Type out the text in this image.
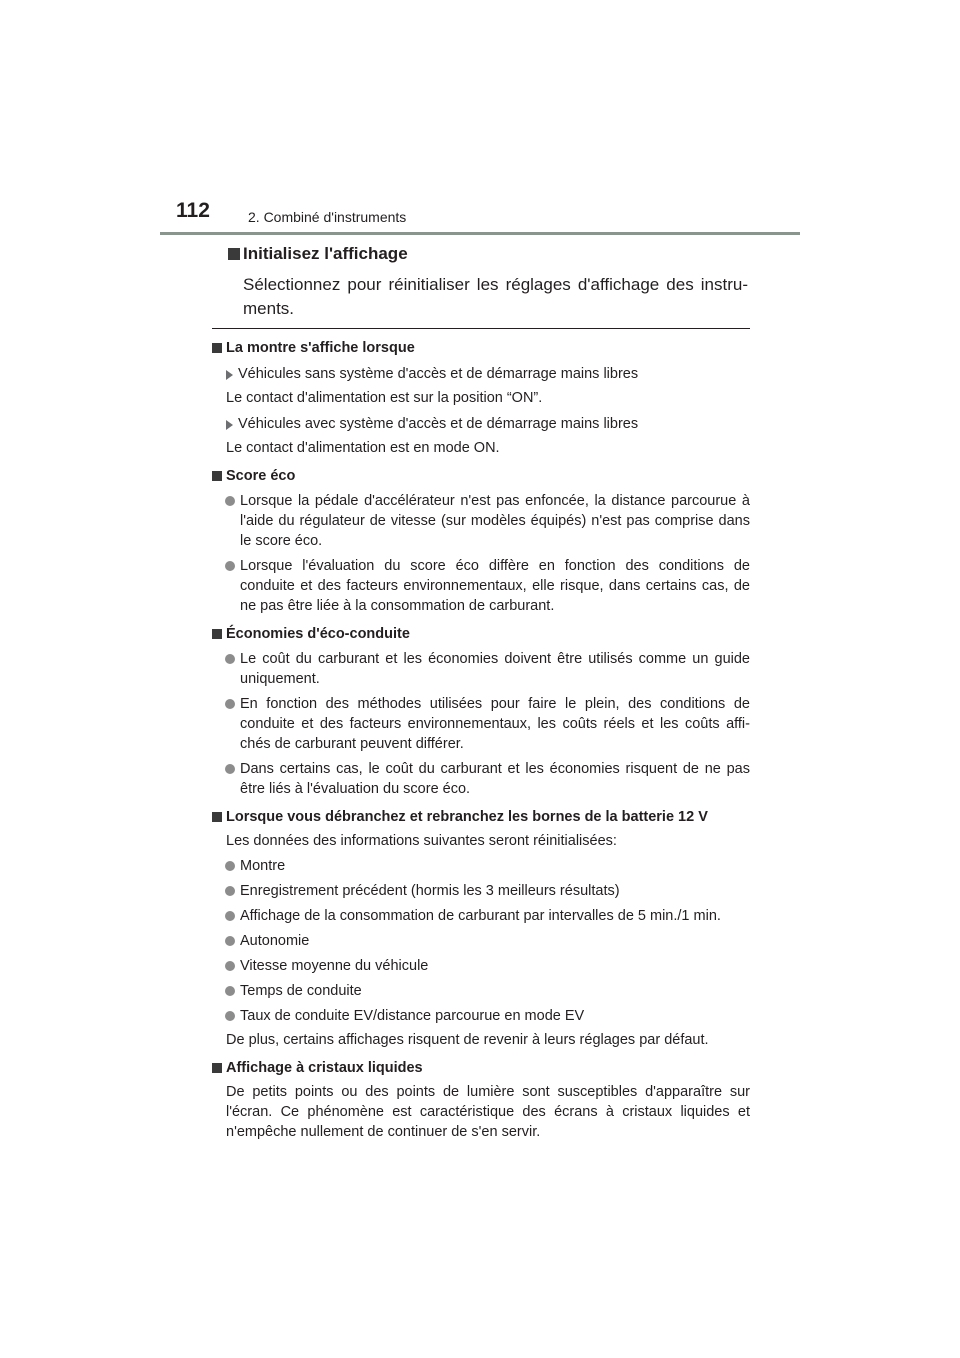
112	2. Combiné d'instruments
Initialisez l'affichage
Sélectionnez pour réinitialiser les réglages d'affichage des instru-ments.
La montre s'affiche lorsque
Véhicules sans système d'accès et de démarrage mains libres
Le contact d'alimentation est sur la position “ON”.
Véhicules avec système d'accès et de démarrage mains libres
Le contact d'alimentation est en mode ON.
Score éco
Lorsque la pédale d'accélérateur n'est pas enfoncée, la distance parcourue à l'aide du régulateur de vitesse (sur modèles équipés) n'est pas comprise dans le score éco.
Lorsque l'évaluation du score éco diffère en fonction des conditions de conduite et des facteurs environnementaux, elle risque, dans certains cas, de ne pas être liée à la consommation de carburant.
Économies d'éco-conduite
Le coût du carburant et les économies doivent être utilisés comme un guide uniquement.
En fonction des méthodes utilisées pour faire le plein, des conditions de conduite et des facteurs environnementaux, les coûts réels et les coûts affi-chés de carburant peuvent différer.
Dans certains cas, le coût du carburant et les économies risquent de ne pas être liés à l'évaluation du score éco.
Lorsque vous débranchez et rebranchez les bornes de la batterie 12 V
Les données des informations suivantes seront réinitialisées:
Montre
Enregistrement précédent (hormis les 3 meilleurs résultats)
Affichage de la consommation de carburant par intervalles de 5 min./1 min.
Autonomie
Vitesse moyenne du véhicule
Temps de conduite
Taux de conduite EV/distance parcourue en mode EV
De plus, certains affichages risquent de revenir à leurs réglages par défaut.
Affichage à cristaux liquides
De petits points ou des points de lumière sont susceptibles d'apparaître sur l'écran. Ce phénomène est caractéristique des écrans à cristaux liquides et n'empêche nullement de continuer de s'en servir.
